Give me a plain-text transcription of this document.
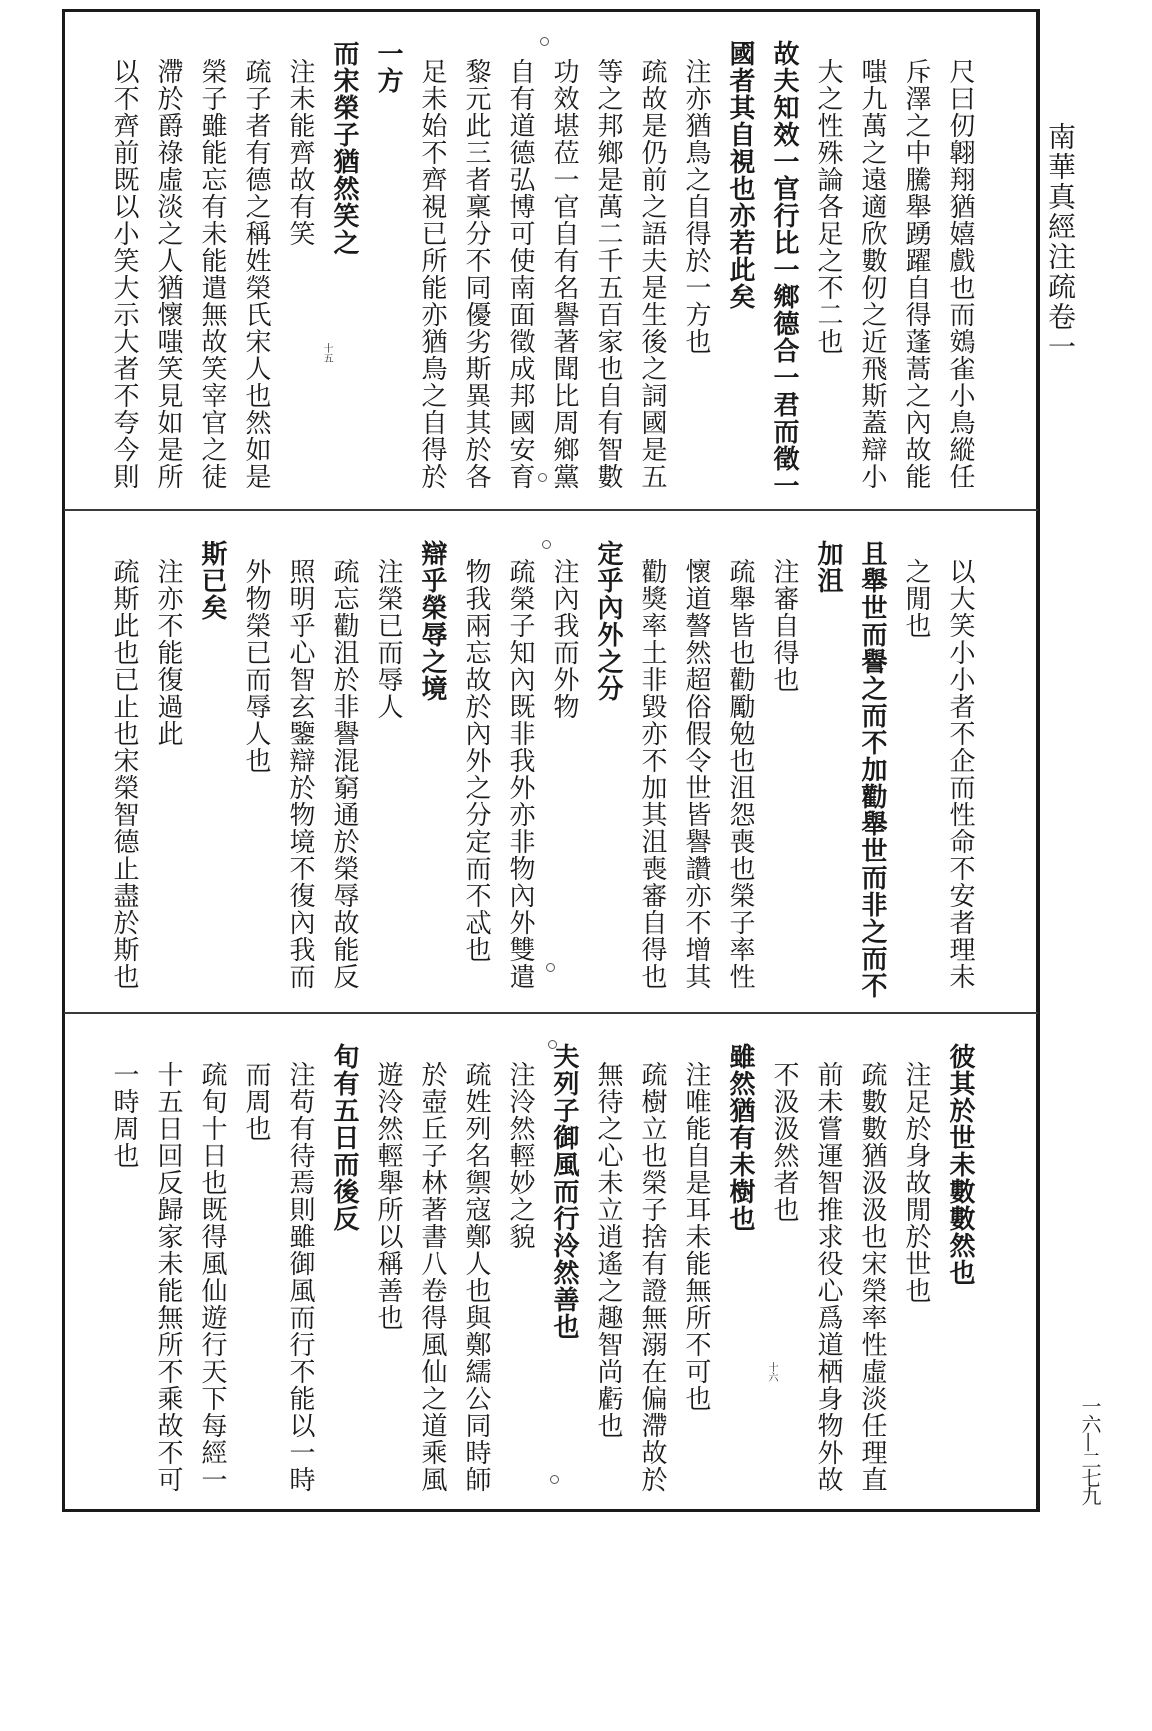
尺曰仞翺翔猶嬉戲也而鴳雀小鳥縱任
斥澤之中騰舉踴躍自得蓬蒿之內故能
嗤九萬之遠適欣數仞之近飛斯蓋辯小
大之性殊論各足之不二也
故夫知效一官行比一鄉德合一君而徵一
國者其自視也亦若此矣
注亦猶鳥之自得於一方也
疏故是仍前之語夫是生後之詞國是五
等之邦鄉是萬二千五百家也自有智數
功效堪莅一官自有名譽著聞比周鄉黨
自有道德弘博可使南面徵成邦國安育
黎元此三者稟分不同優劣斯異其於各
足未始不齊視已所能亦猶鳥之自得於
一方
而宋榮子猶然笑之
注未能齊故有笑
疏子者有德之稱姓榮氏宋人也然如是
榮子雖能忘有未能遣無故笑宰官之徒
滯於爵祿虛淡之人猶懷嗤笑見如是所
以不齊前既以小笑大示大者不夸今則
以大笑小小者不企而性命不安者理未
之閒也
且舉世而譽之而不加勸舉世而非之而不
加沮
注審自得也
疏舉皆也勸勵勉也沮怨喪也榮子率性
懷道謷然超俗假令世皆譽讚亦不增其
勸獎率土非毀亦不加其沮喪審自得也
定乎內外之分
注內我而外物
疏榮子知內既非我外亦非物內外雙遣
物我兩忘故於內外之分定而不忒也
辯乎榮辱之境
注榮已而辱人
疏忘勸沮於非譽混窮通於榮辱故能反
照明乎心智玄鑒辯於物境不復內我而
外物榮已而辱人也
斯已矣
注亦不能復過此
疏斯此也已止也宋榮智德止盡於斯也
彼其於世未數數然也
注足於身故閒於世也
疏數數猶汲汲也宋榮率性虛淡任理直
前未嘗運智推求役心爲道栖身物外故
不汲汲然者也
雖然猶有未樹也
注唯能自是耳未能無所不可也
疏樹立也榮子捨有證無溺在偏滯故於
無待之心未立逍遙之趣智尚虧也
夫列子御風而行泠然善也
注泠然輕妙之貌
疏姓列名禦寇鄭人也與鄭繻公同時師
於壺丘子林著書八卷得風仙之道乘風
遊泠然輕舉所以稱善也
旬有五日而後反
注苟有待焉則雖御風而行不能以一時
而周也
疏旬十日也既得風仙遊行天下每經一
十五日回反歸家未能無所不乘故不可
一時周也
十五
十六
南華真經注疏卷一
一六—二七九
